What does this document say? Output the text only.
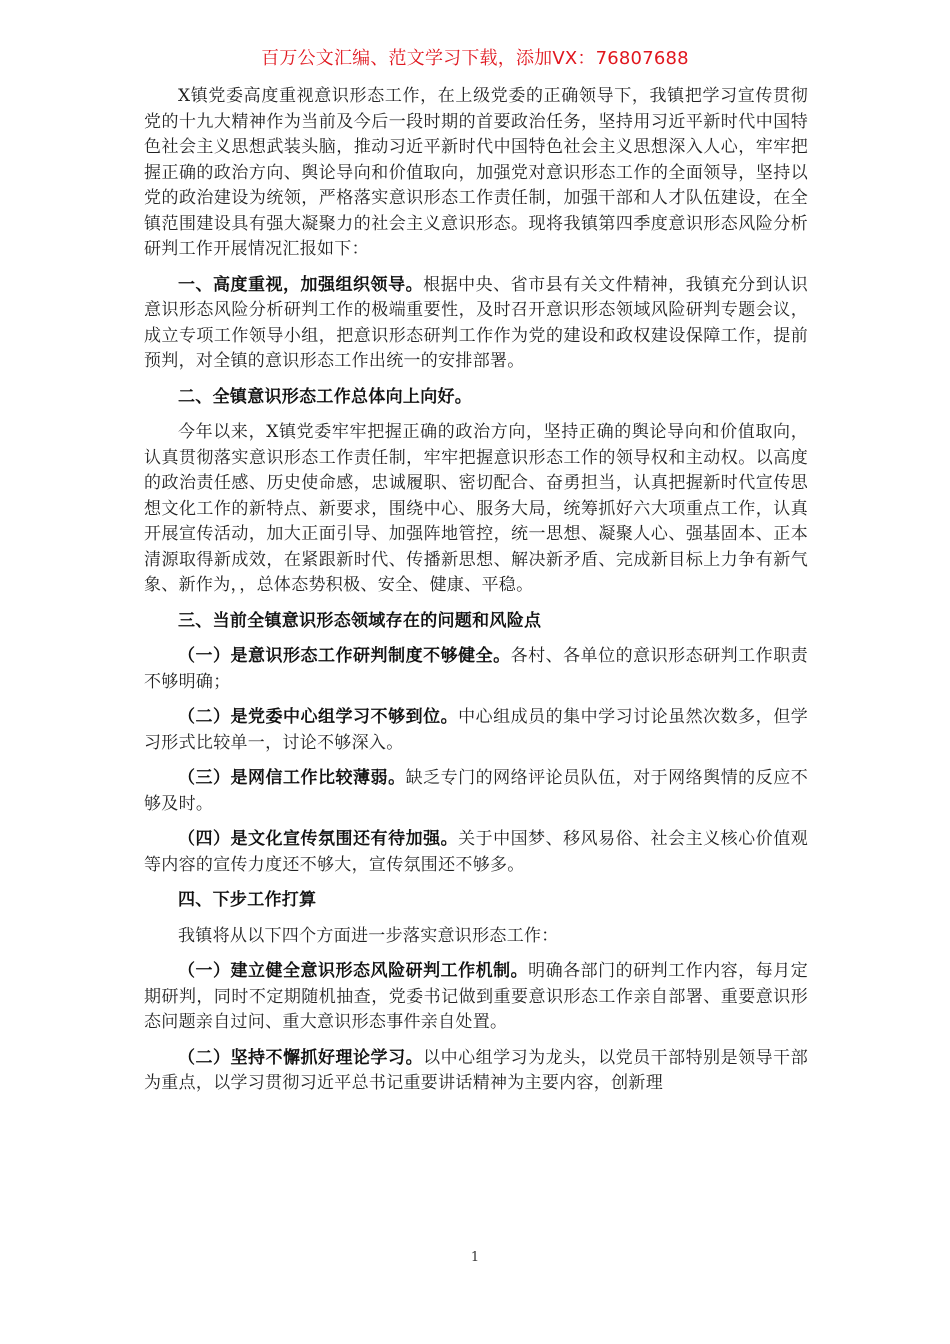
百万公文汇编、范文学习下载，添加VX：76807688

X镇党委高度重视意识形态工作，在上级党委的正确领导下，我镇把学习宣传贯彻党的十九大精神作为当前及今后一段时期的首要政治任务，坚持用习近平新时代中国特色社会主义思想武装头脑，推动习近平新时代中国特色社会主义思想深入人心，牢牢把握正确的政治方向、舆论导向和价值取向，加强党对意识形态工作的全面领导，坚持以党的政治建设为统领，严格落实意识形态工作责任制，加强干部和人才队伍建设，在全镇范围建设具有强大凝聚力的社会主义意识形态。现将我镇第四季度意识形态风险分析研判工作开展情况汇报如下：

一、高度重视，加强组织领导。根据中央、省市县有关文件精神，我镇充分到认识意识形态风险分析研判工作的极端重要性，及时召开意识形态领域风险研判专题会议，成立专项工作领导小组，把意识形态研判工作作为党的建设和政权建设保障工作，提前预判，对全镇的意识形态工作出统一的安排部署。

二、全镇意识形态工作总体向上向好。

今年以来，X镇党委牢牢把握正确的政治方向，坚持正确的舆论导向和价值取向，认真贯彻落实意识形态工作责任制，牢牢把握意识形态工作的领导权和主动权。以高度的政治责任感、历史使命感，忠诚履职、密切配合、奋勇担当，认真把握新时代宣传思想文化工作的新特点、新要求，围绕中心、服务大局，统筹抓好六大项重点工作，认真开展宣传活动，加大正面引导、加强阵地管控，统一思想、凝聚人心、强基固本、正本清源取得新成效，在紧跟新时代、传播新思想、解决新矛盾、完成新目标上力争有新气象、新作为，，总体态势积极、安全、健康、平稳。

三、当前全镇意识形态领域存在的问题和风险点

（一）是意识形态工作研判制度不够健全。各村、各单位的意识形态研判工作职责不够明确；

（二）是党委中心组学习不够到位。中心组成员的集中学习讨论虽然次数多，但学习形式比较单一，讨论不够深入。

（三）是网信工作比较薄弱。缺乏专门的网络评论员队伍，对于网络舆情的反应不够及时。

（四）是文化宣传氛围还有待加强。关于中国梦、移风易俗、社会主义核心价值观等内容的宣传力度还不够大，宣传氛围还不够多。

四、下步工作打算

我镇将从以下四个方面进一步落实意识形态工作：

（一）建立健全意识形态风险研判工作机制。明确各部门的研判工作内容，每月定期研判，同时不定期随机抽查，党委书记做到重要意识形态工作亲自部署、重要意识形态问题亲自过问、重大意识形态事件亲自处置。

（二）坚持不懈抓好理论学习。以中心组学习为龙头，以党员干部特别是领导干部为重点，以学习贯彻习近平总书记重要讲话精神为主要内容，创新理

1
